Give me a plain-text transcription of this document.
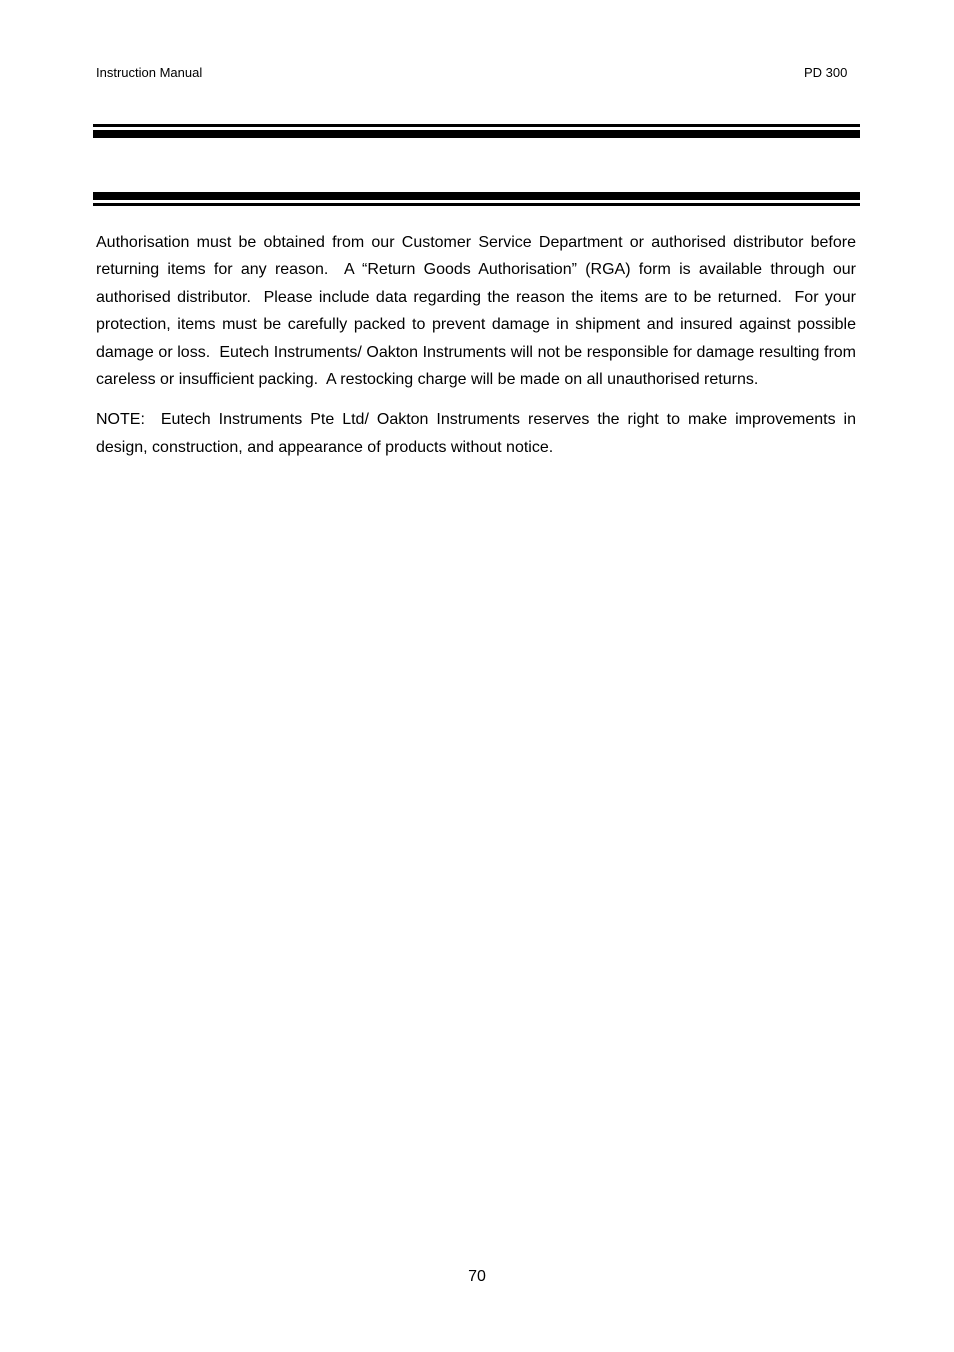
Instruction Manual	PD 300

Authorisation must be obtained from our Customer Service Department or authorised distributor before returning items for any reason.  A “Return Goods Authorisation” (RGA) form is available through our authorised distributor.  Please include data regarding the reason the items are to be returned.  For your protection, items must be carefully packed to prevent damage in shipment and insured against possible damage or loss.  Eutech Instruments/ Oakton Instruments will not be responsible for damage resulting from careless or insufficient packing.  A restocking charge will be made on all unauthorised returns.

NOTE:  Eutech Instruments Pte Ltd/ Oakton Instruments reserves the right to make improvements in design, construction, and appearance of products without notice.

70
